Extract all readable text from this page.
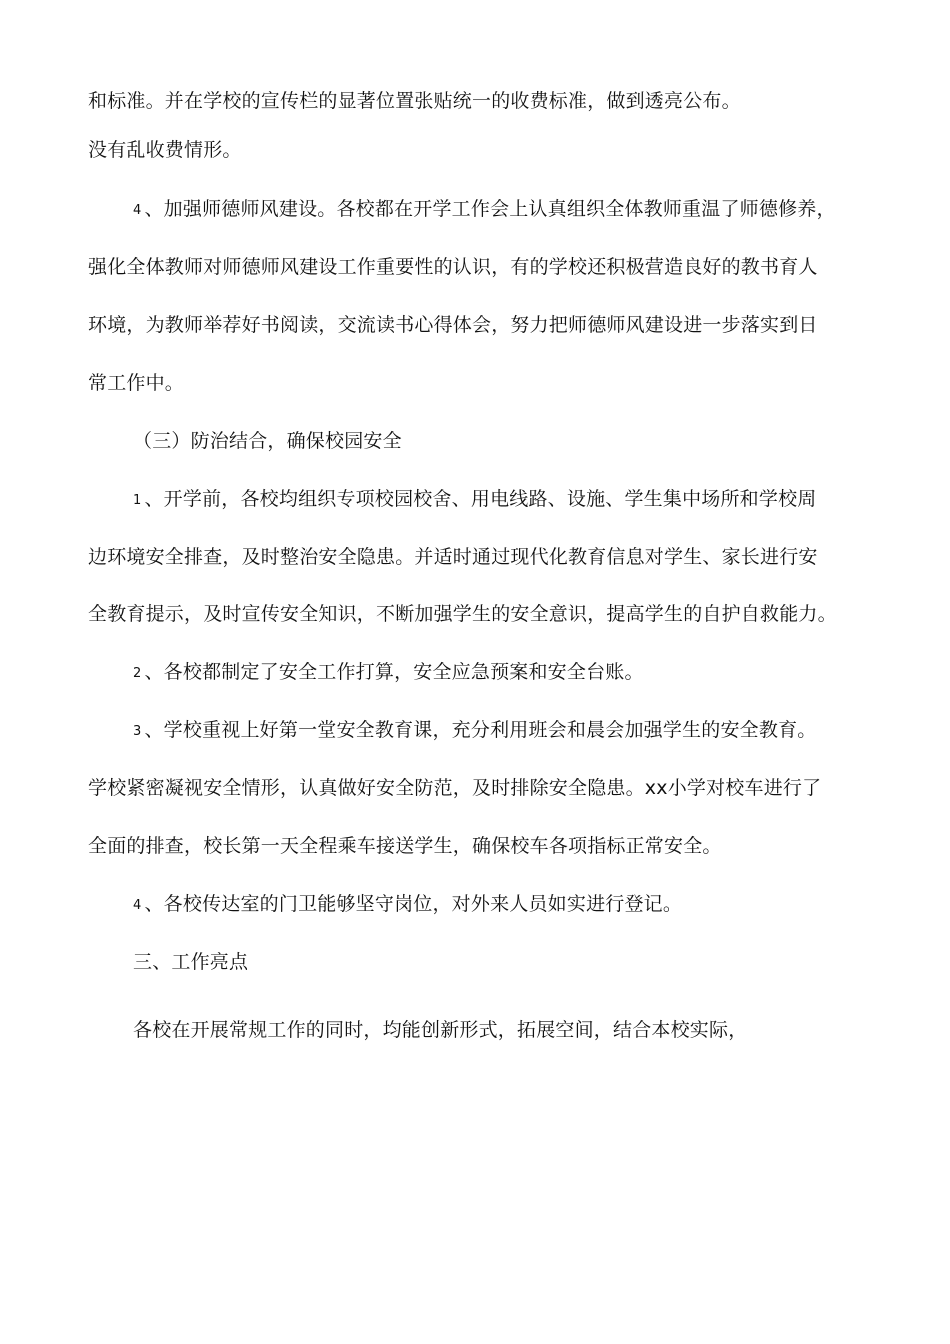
和标准。并在学校的宣传栏的显著位置张贴统一的收费标准，做到透亮公布。
没有乱收费情形。
4 、加强师德师风建设。各校都在开学工作会上认真组织全体教师重温了师德修养，
强化全体教师对师德师风建设工作重要性的认识，有的学校还积极营造良好的教书育人
环境，为教师举荐好书阅读，交流读书心得体会，努力把师德师风建设进一步落实到日
常工作中。
（三）防治结合，确保校园安全
1 、开学前，各校均组织专项校园校舍、用电线路、设施、学生集中场所和学校周
边环境安全排查，及时整治安全隐患。并适时通过现代化教育信息对学生、家长进行安
全教育提示，及时宣传安全知识，不断加强学生的安全意识，提高学生的自护自救能力。
2 、各校都制定了安全工作打算，安全应急预案和安全台账。
3 、学校重视上好第一堂安全教育课，充分利用班会和晨会加强学生的安全教育。
学校紧密凝视安全情形，认真做好安全防范，及时排除安全隐患。xx小学对校车进行了
全面的排查，校长第一天全程乘车接送学生，确保校车各项指标正常安全。
4 、各校传达室的门卫能够坚守岗位，对外来人员如实进行登记。
三、工作亮点
各校在开展常规工作的同时，均能创新形式，拓展空间，结合本校实际，
